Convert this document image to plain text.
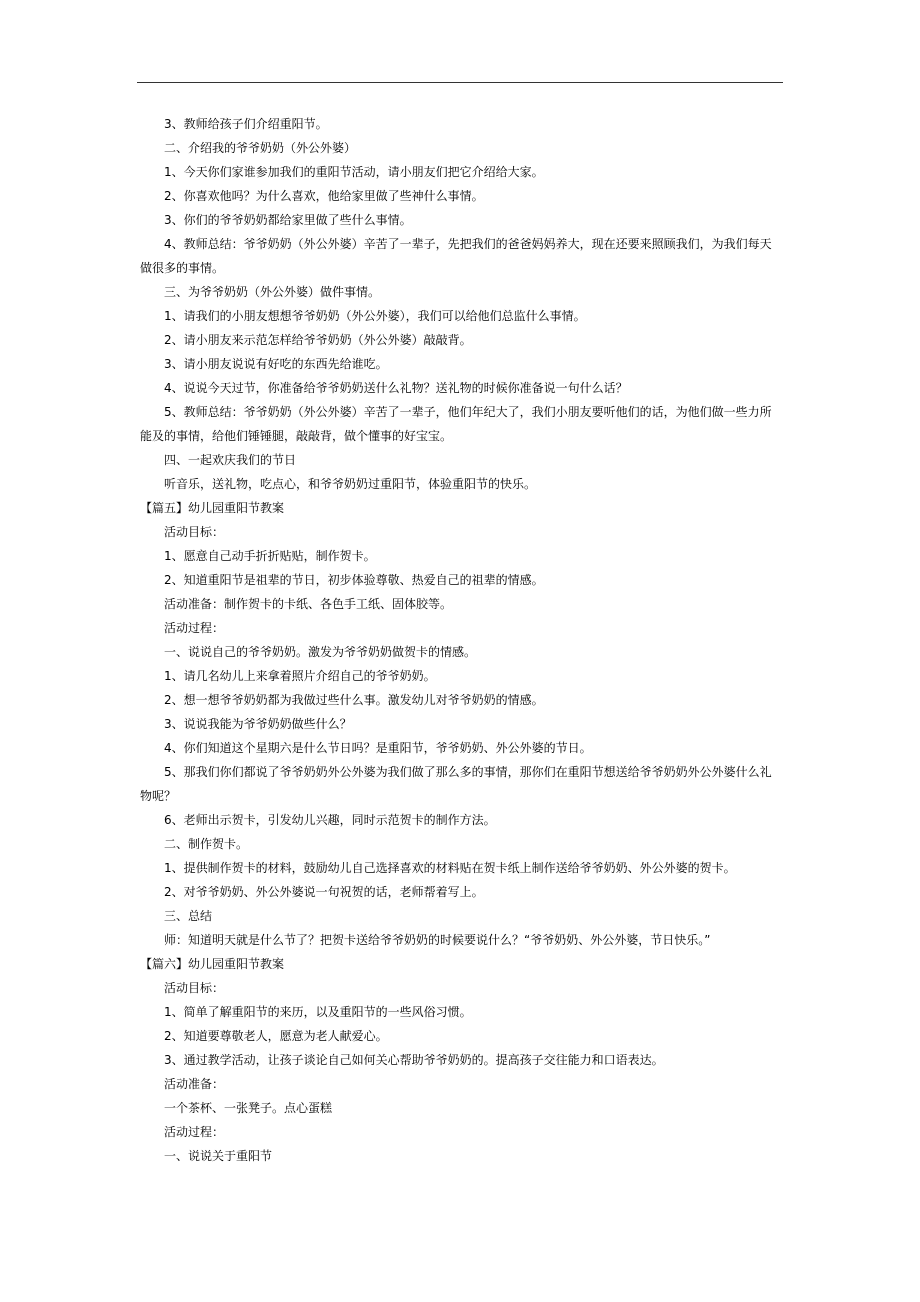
3、教师给孩子们介绍重阳节。

二、介绍我的爷爷奶奶（外公外婆）

1、今天你们家谁参加我们的重阳节活动，请小朋友们把它介绍给大家。

2、你喜欢他吗？为什么喜欢，他给家里做了些神什么事情。

3、你们的爷爷奶奶都给家里做了些什么事情。

4、教师总结：爷爷奶奶（外公外婆）辛苦了一辈子，先把我们的爸爸妈妈养大，现在还要来照顾我们，为我们每天做很多的事情。

三、为爷爷奶奶（外公外婆）做件事情。

1、请我们的小朋友想想爷爷奶奶（外公外婆），我们可以给他们总监什么事情。

2、请小朋友来示范怎样给爷爷奶奶（外公外婆）敲敲背。

3、请小朋友说说有好吃的东西先给谁吃。

4、说说今天过节，你准备给爷爷奶奶送什么礼物？送礼物的时候你准备说一句什么话？

5、教师总结：爷爷奶奶（外公外婆）辛苦了一辈子，他们年纪大了，我们小朋友要听他们的话，为他们做一些力所能及的事情，给他们锤锤腿，敲敲背，做个懂事的好宝宝。

四、一起欢庆我们的节日

听音乐，送礼物，吃点心，和爷爷奶奶过重阳节，体验重阳节的快乐。

【篇五】幼儿园重阳节教案

活动目标：

1、愿意自己动手折折贴贴，制作贺卡。

2、知道重阳节是祖辈的节日，初步体验尊敬、热爱自己的祖辈的情感。

活动准备：制作贺卡的卡纸、各色手工纸、固体胶等。

活动过程：

一、说说自己的爷爷奶奶。激发为爷爷奶奶做贺卡的情感。

1、请几名幼儿上来拿着照片介绍自己的爷爷奶奶。

2、想一想爷爷奶奶都为我做过些什么事。激发幼儿对爷爷奶奶的情感。

3、说说我能为爷爷奶奶做些什么？

4、你们知道这个星期六是什么节日吗？是重阳节，爷爷奶奶、外公外婆的节日。

5、那我们你们都说了爷爷奶奶外公外婆为我们做了那么多的事情，那你们在重阳节想送给爷爷奶奶外公外婆什么礼物呢？

6、老师出示贺卡，引发幼儿兴趣，同时示范贺卡的制作方法。

二、制作贺卡。

1、提供制作贺卡的材料，鼓励幼儿自己选择喜欢的材料贴在贺卡纸上制作送给爷爷奶奶、外公外婆的贺卡。

2、对爷爷奶奶、外公外婆说一句祝贺的话，老师帮着写上。

三、总结

师：知道明天就是什么节了？把贺卡送给爷爷奶奶的时候要说什么？“爷爷奶奶、外公外婆，节日快乐。”

【篇六】幼儿园重阳节教案

活动目标：

1、简单了解重阳节的来历，以及重阳节的一些风俗习惯。

2、知道要尊敬老人，愿意为老人献爱心。

3、通过教学活动，让孩子谈论自己如何关心帮助爷爷奶奶的。提高孩子交往能力和口语表达。

活动准备：

一个茶杯、一张凳子。点心蛋糕

活动过程：

一、说说关于重阳节
